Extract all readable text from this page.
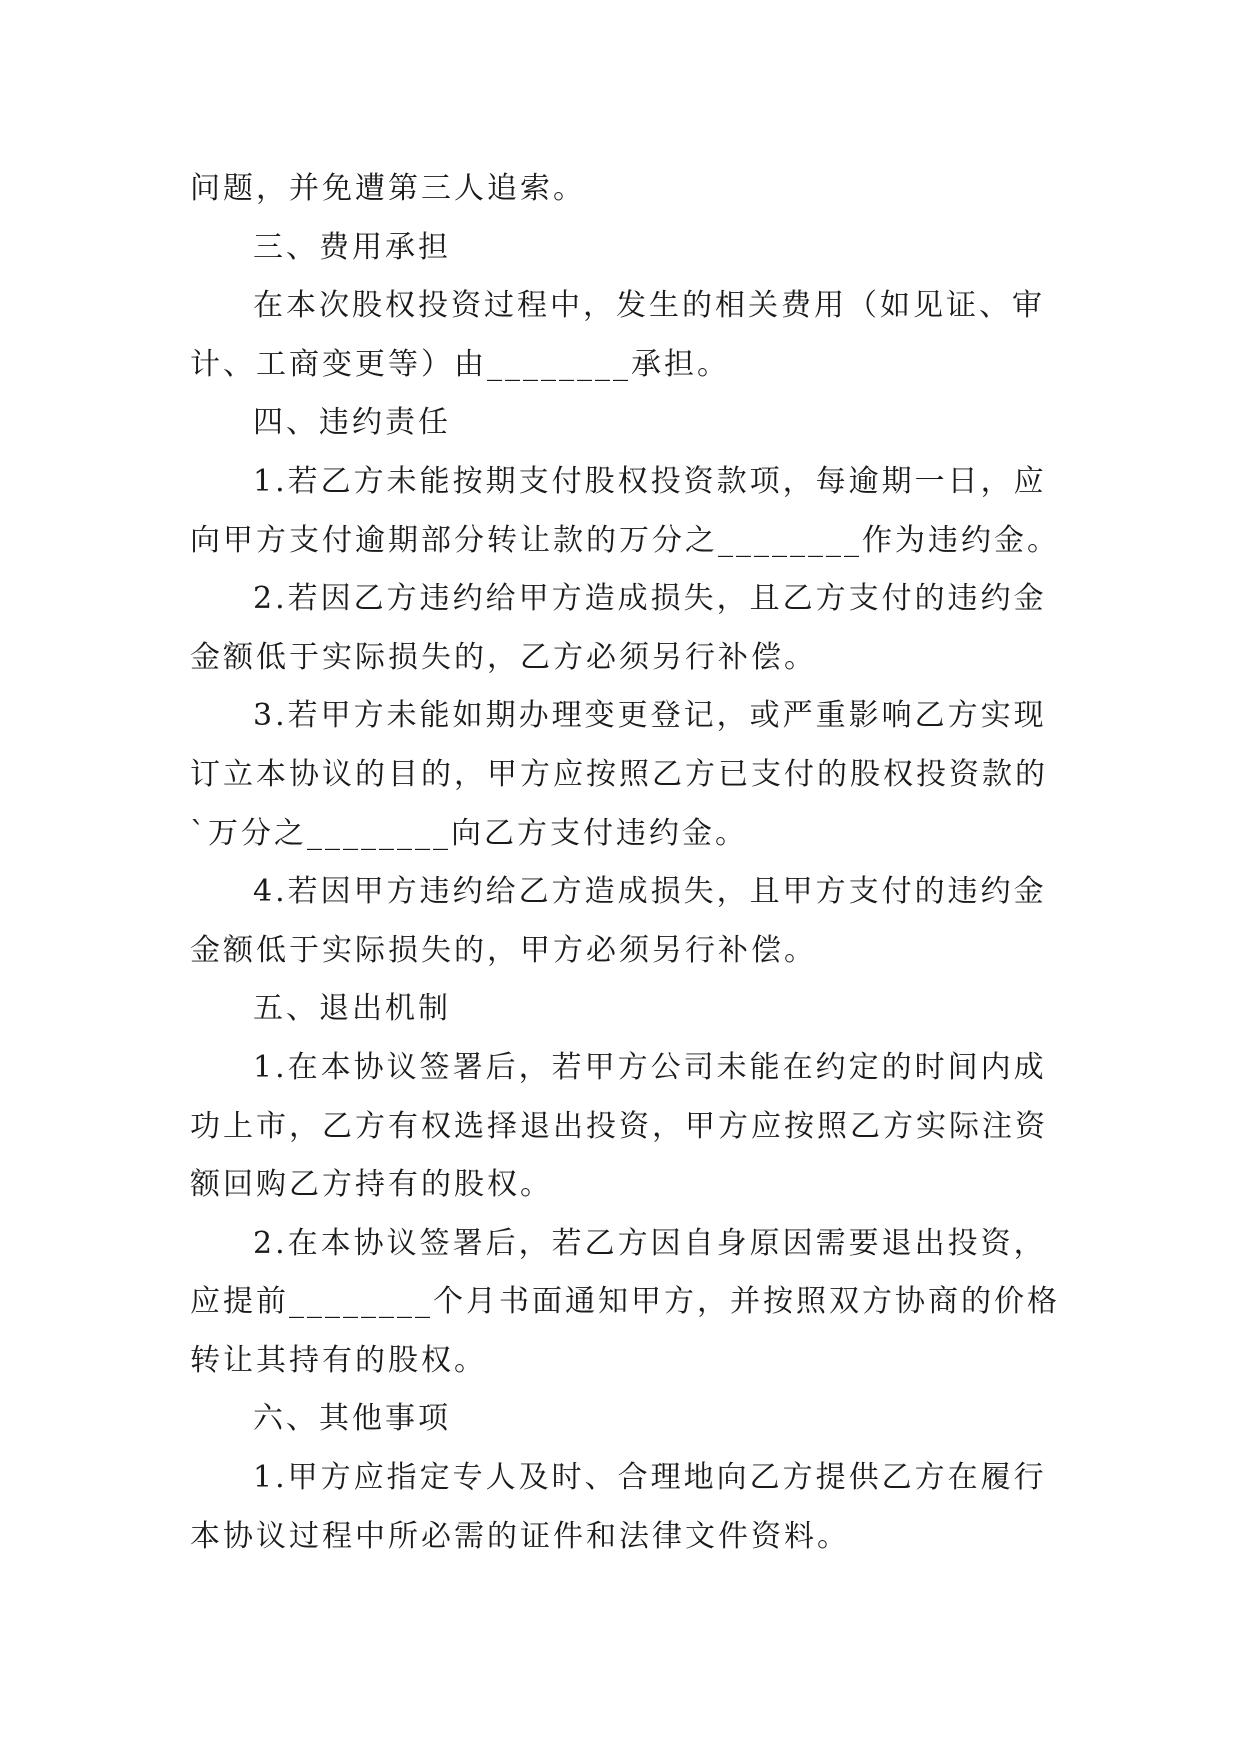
问题，并免遭第三人追索。
三、费用承担
在本次股权投资过程中，发生的相关费用（如见证、审
计、工商变更等）由________承担。
四、违约责任
1.若乙方未能按期支付股权投资款项，每逾期一日，应
向甲方支付逾期部分转让款的万分之________作为违约金。
2.若因乙方违约给甲方造成损失，且乙方支付的违约金
金额低于实际损失的，乙方必须另行补偿。
3.若甲方未能如期办理变更登记，或严重影响乙方实现
订立本协议的目的，甲方应按照乙方已支付的股权投资款的
`万分之________向乙方支付违约金。
4.若因甲方违约给乙方造成损失，且甲方支付的违约金
金额低于实际损失的，甲方必须另行补偿。
五、退出机制
1.在本协议签署后，若甲方公司未能在约定的时间内成
功上市，乙方有权选择退出投资，甲方应按照乙方实际注资
额回购乙方持有的股权。
2.在本协议签署后，若乙方因自身原因需要退出投资，
应提前________个月书面通知甲方，并按照双方协商的价格
转让其持有的股权。
六、其他事项
1.甲方应指定专人及时、合理地向乙方提供乙方在履行
本协议过程中所必需的证件和法律文件资料。
